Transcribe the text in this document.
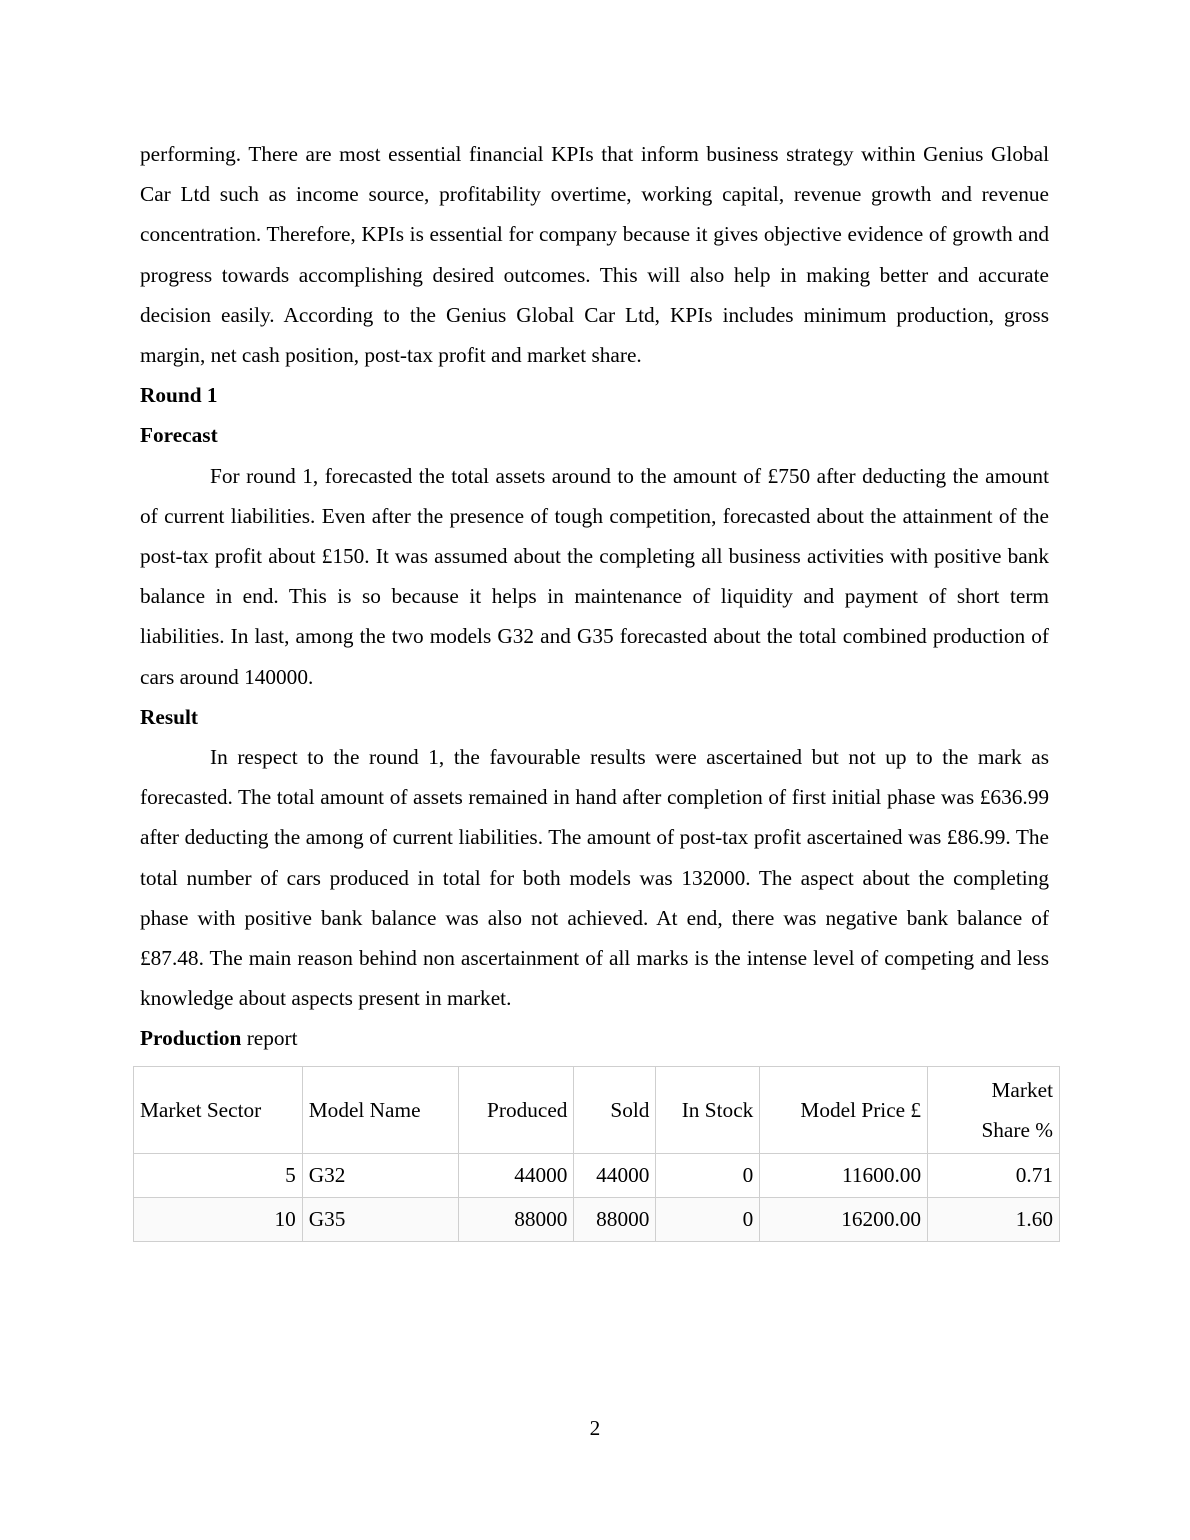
performing. There are most essential financial KPIs that inform business strategy within Genius Global Car Ltd such as income source, profitability overtime, working capital, revenue growth and revenue concentration. Therefore, KPIs is essential for company because it gives objective evidence of growth and progress towards accomplishing desired outcomes. This will also help in making better and accurate decision easily. According to the Genius Global Car Ltd, KPIs includes minimum production, gross margin, net cash position, post-tax profit and market share.

Round 1

Forecast

For round 1, forecasted the total assets around to the amount of £750 after deducting the amount of current liabilities. Even after the presence of tough competition, forecasted about the attainment of the post-tax profit about £150. It was assumed about the completing all business activities with positive bank balance in end. This is so because it helps in maintenance of liquidity and payment of short term liabilities. In last, among the two models G32 and G35 forecasted about the total combined production of cars around 140000.

Result

In respect to the round 1, the favourable results were ascertained but not up to the mark as forecasted. The total amount of assets remained in hand after completion of first initial phase was £636.99 after deducting the among of current liabilities. The amount of post-tax profit ascertained was £86.99. The total number of cars produced in total for both models was 132000. The aspect about the completing phase with positive bank balance was also not achieved. At end, there was negative bank balance of £87.48. The main reason behind non ascertainment of all marks is the intense level of competing and less knowledge about aspects present in market.

Production report

Market Sector	Model Name	Produced	Sold	In Stock	Model Price £	Market
Share %
5	G32	44000	44000	0	11600.00	0.71
10	G35	88000	88000	0	16200.00	1.60
2
